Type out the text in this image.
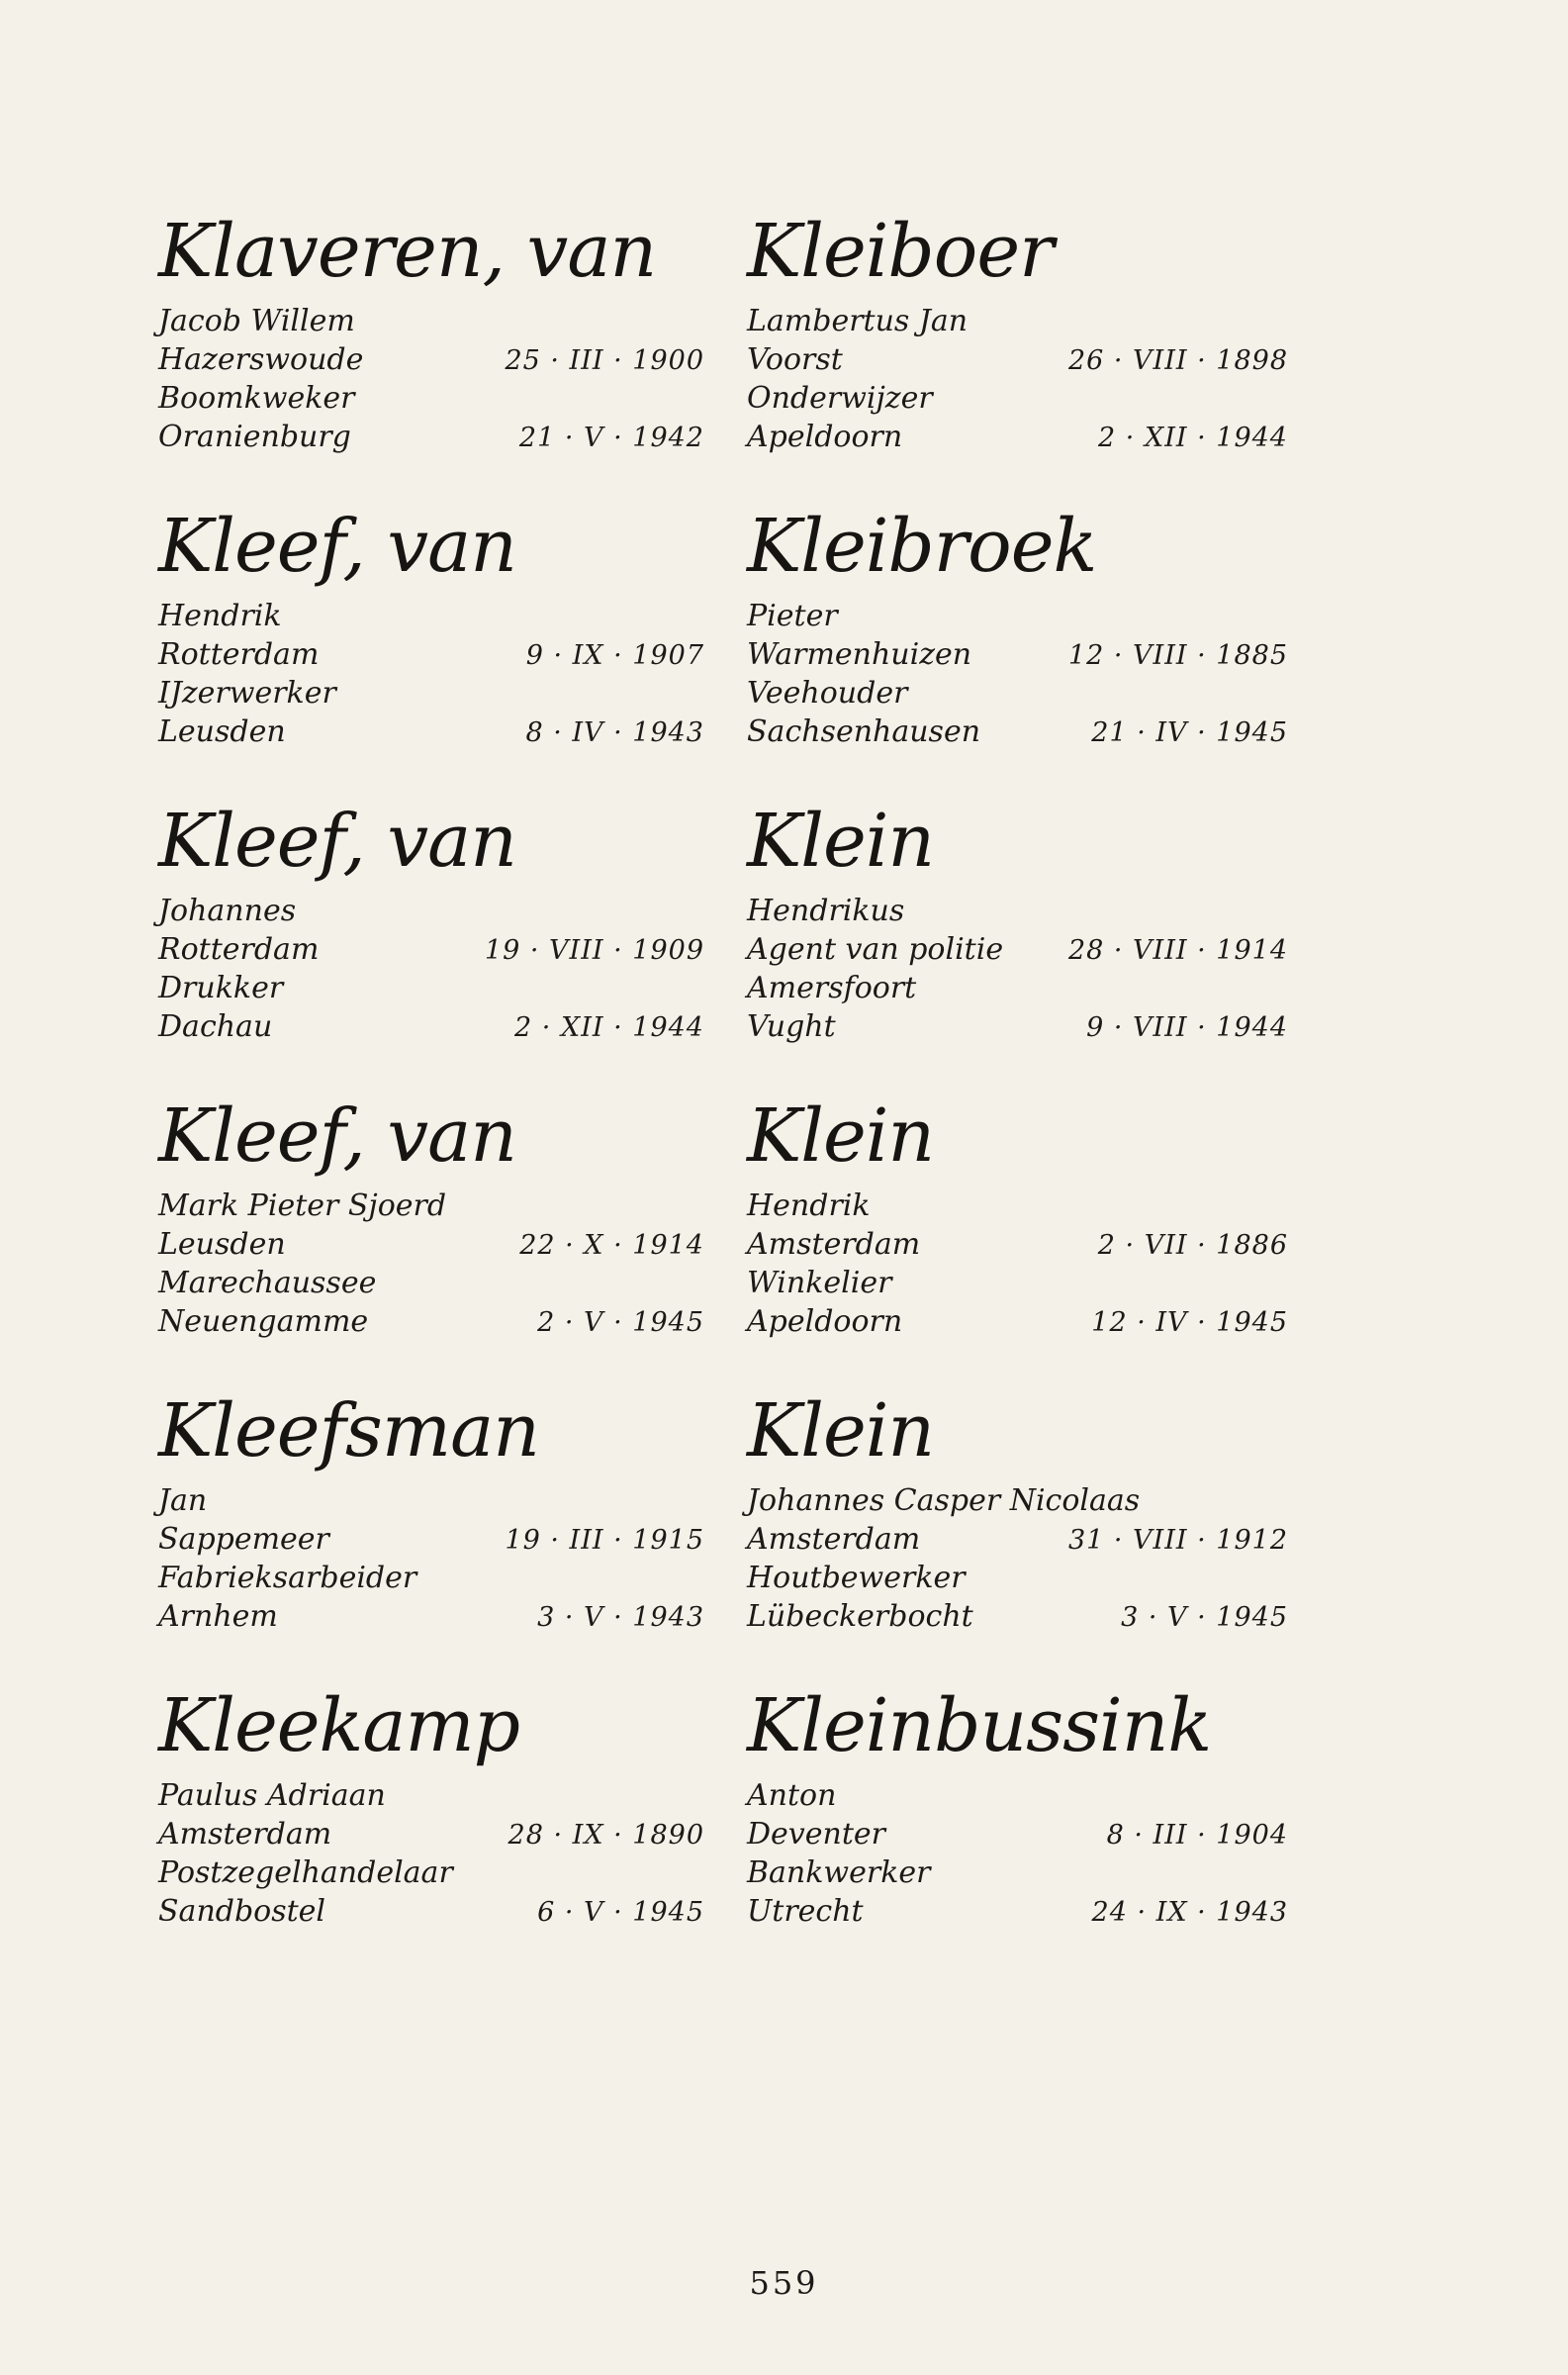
Klaveren, van
Jacob Willem
Hazerswoude	25 · III · 1900
Boomkweker
Oranienburg	21 · V · 1942
Kleef, van
Hendrik
Rotterdam	9 · IX · 1907
IJzerwerker
Leusden	8 · IV · 1943
Kleef, van
Johannes
Rotterdam	19 · VIII · 1909
Drukker
Dachau	2 · XII · 1944
Kleef, van
Mark Pieter Sjoerd
Leusden	22 · X · 1914
Marechaussee
Neuengamme	2 · V · 1945
Kleefsman
Jan
Sappemeer	19 · III · 1915
Fabrieksarbeider
Arnhem	3 · V · 1943
Kleekamp
Paulus Adriaan
Amsterdam	28 · IX · 1890
Postzegelhandelaar
Sandbostel	6 · V · 1945
Kleiboer
Lambertus Jan
Voorst	26 · VIII · 1898
Onderwijzer
Apeldoorn	2 · XII · 1944
Kleibroek
Pieter
Warmenhuizen	12 · VIII · 1885
Veehouder
Sachsenhausen	21 · IV · 1945
Klein
Hendrikus
Agent van politie 28 · VIII · 1914
Amersfoort
Vught	9 · VIII · 1944
Klein
Hendrik
Amsterdam	2 · VII · 1886
Winkelier
Apeldoorn	12 · IV · 1945
Klein
Johannes Casper Nicolaas
Amsterdam	31 · VIII · 1912
Houtbewerker
Lübeckerbocht	3 · V · 1945
Kleinbussink
Anton
Deventer	8 · III · 1904
Bankwerker
Utrecht	24 · IX · 1943
559
